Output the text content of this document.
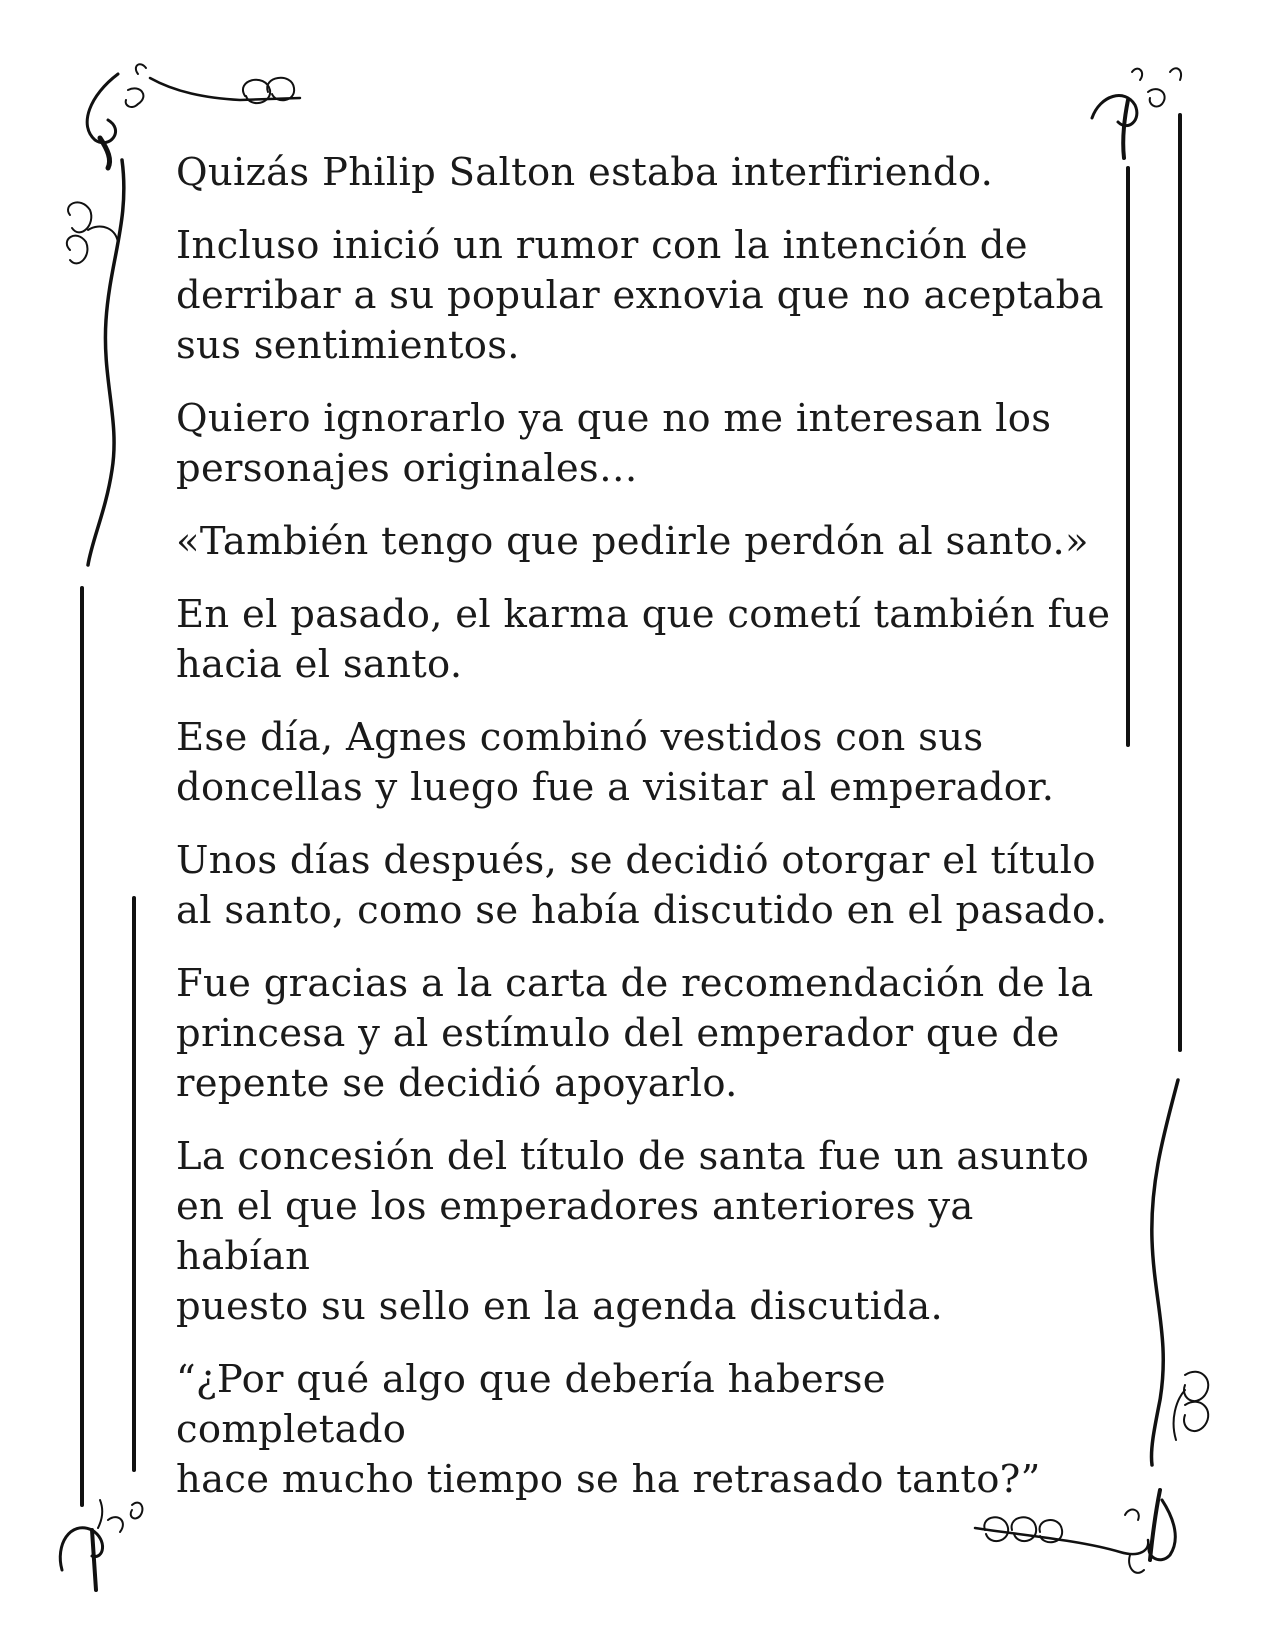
Quizás Philip Salton estaba interfiriendo.

Incluso inició un rumor con la intención de
derribar a su popular exnovia que no aceptaba
sus sentimientos.

Quiero ignorarlo ya que no me interesan los
personajes originales…

«También tengo que pedirle perdón al santo.»

En el pasado, el karma que cometí también fue
hacia el santo.

Ese día, Agnes combinó vestidos con sus
doncellas y luego fue a visitar al emperador.

Unos días después, se decidió otorgar el título
al santo, como se había discutido en el pasado.

Fue gracias a la carta de recomendación de la
princesa y al estímulo del emperador que de
repente se decidió apoyarlo.

La concesión del título de santa fue un asunto
en el que los emperadores anteriores ya habían
puesto su sello en la agenda discutida.

“¿Por qué algo que debería haberse completado
hace mucho tiempo se ha retrasado tanto?”
